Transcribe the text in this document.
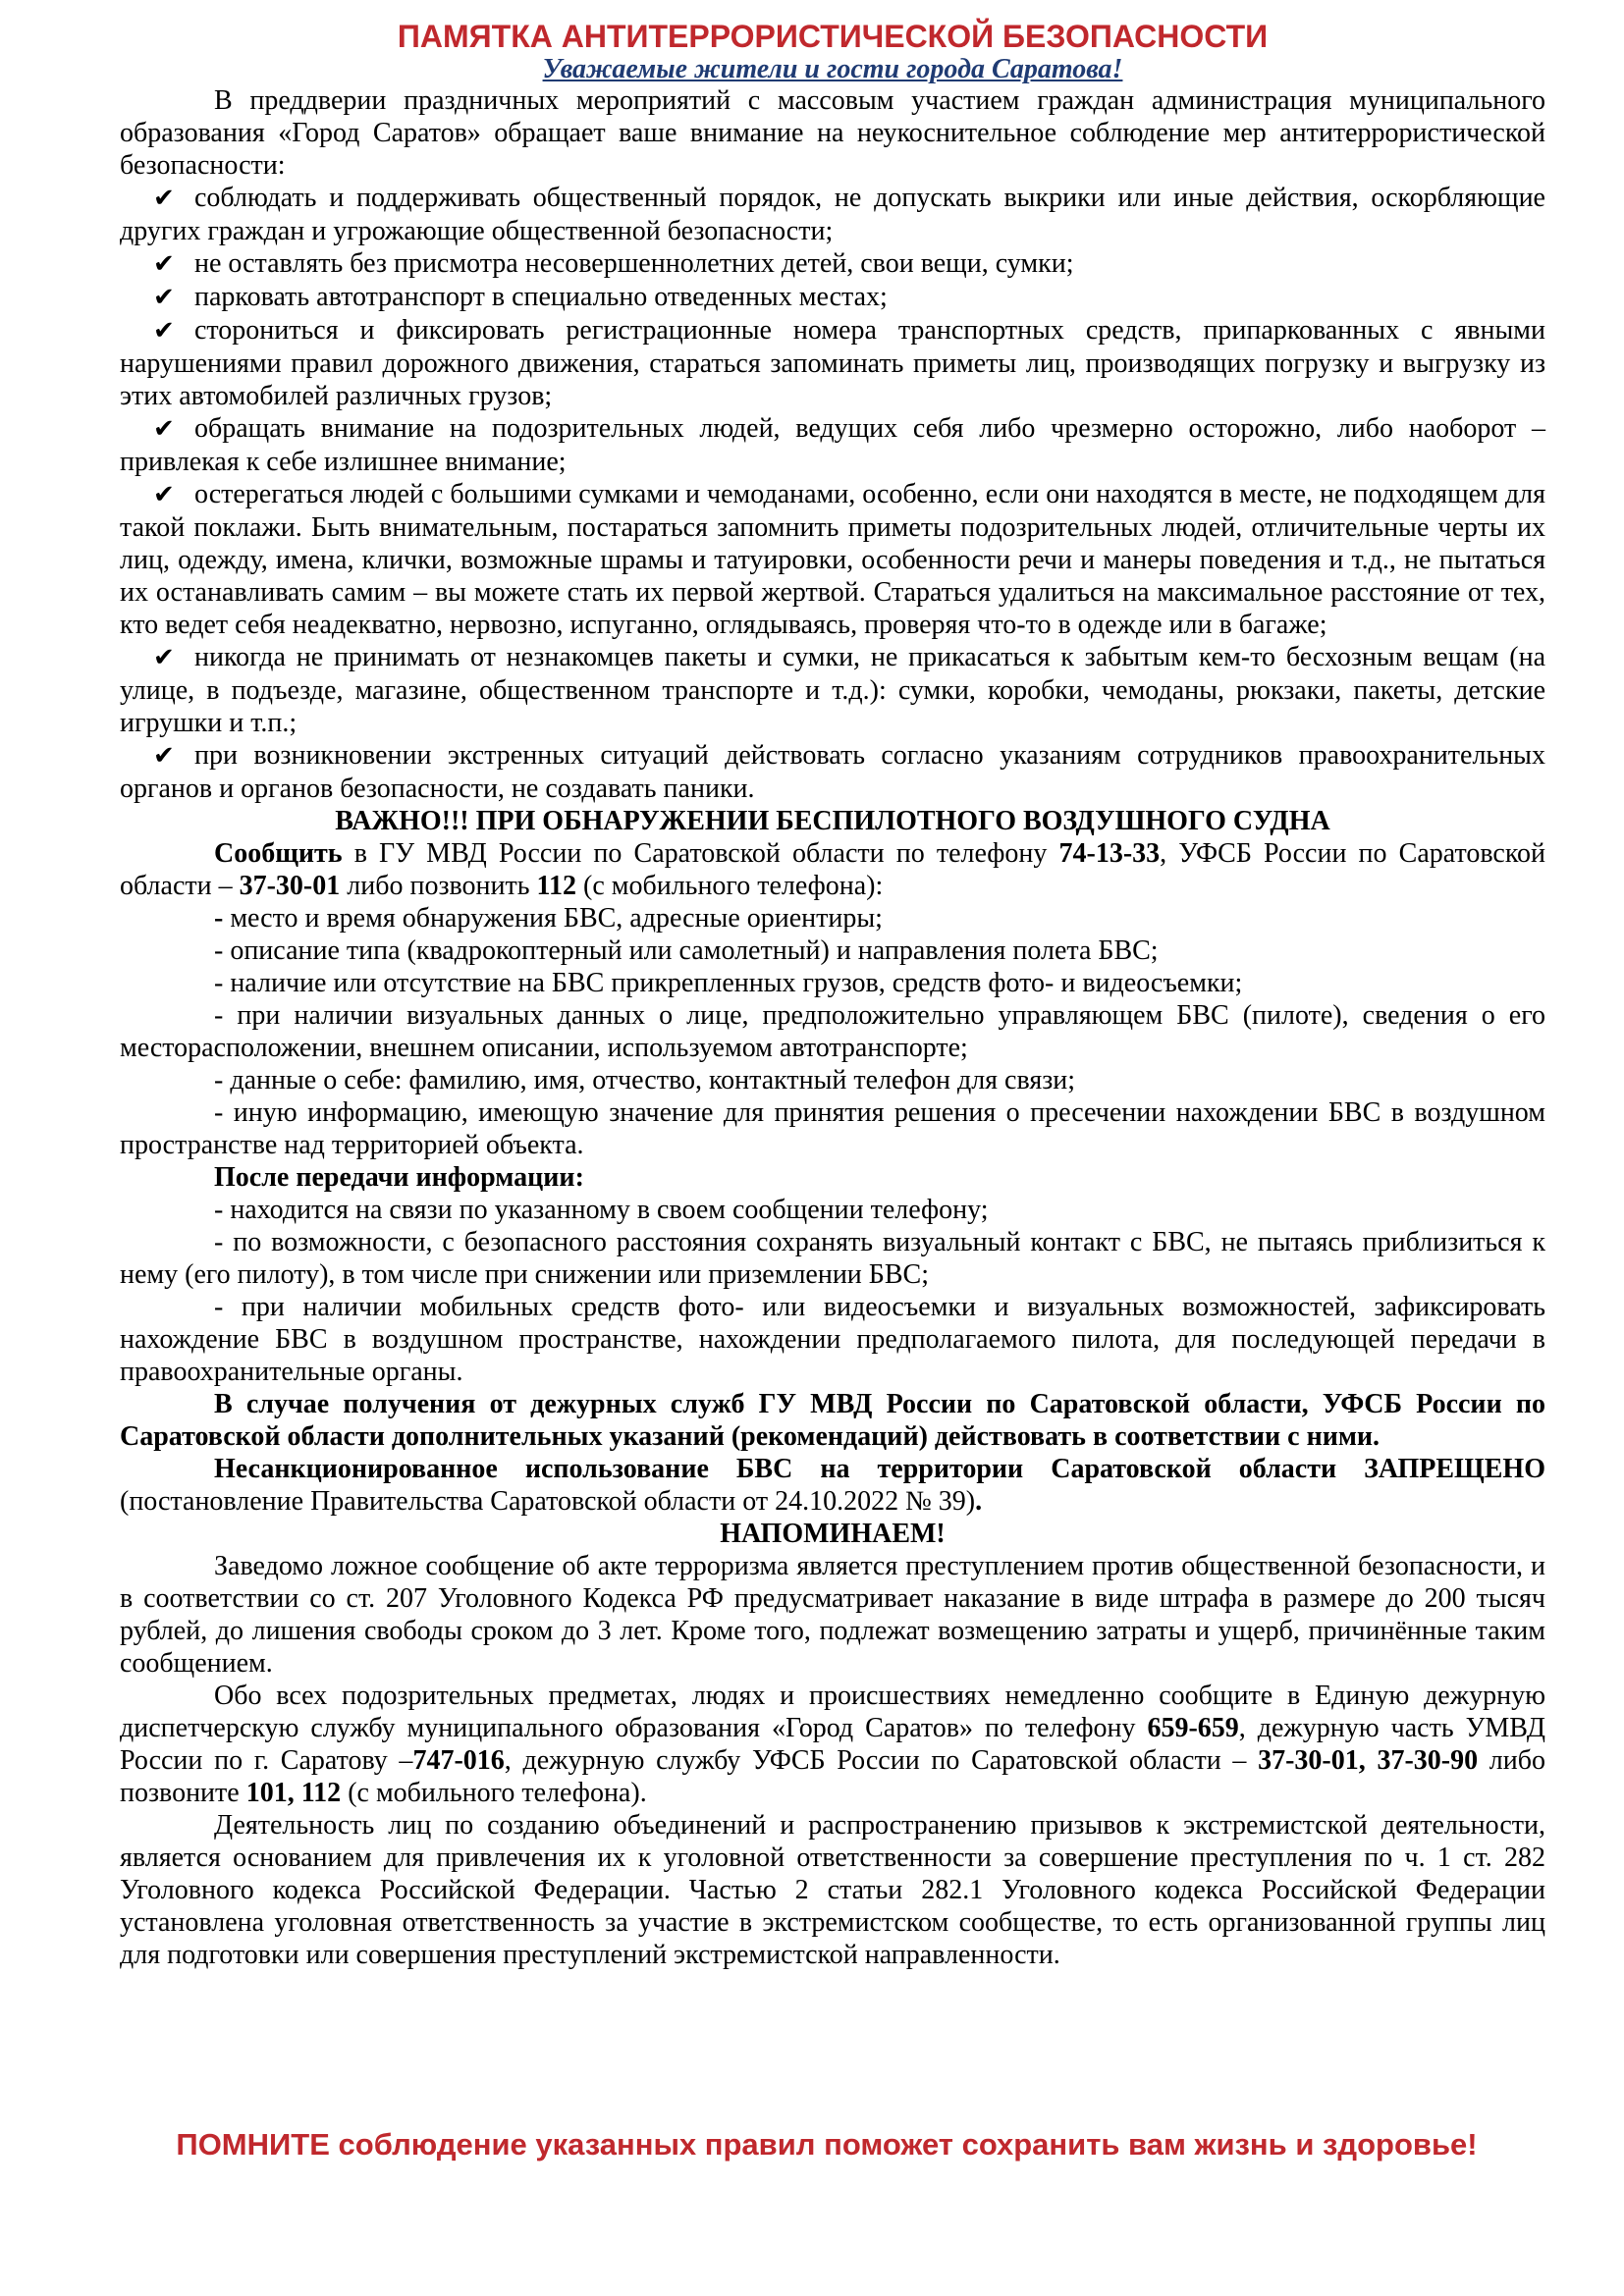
ПАМЯТКА АНТИТЕРРОРИСТИЧЕСКОЙ БЕЗОПАСНОСТИ
Уважаемые жители и гости города Саратова!

В преддверии праздничных мероприятий с массовым участием граждан администрация муниципального образования «Город Саратов» обращает ваше внимание на неукоснительное соблюдение мер антитеррористической безопасности:

✔ соблюдать и поддерживать общественный порядок, не допускать выкрики или иные действия, оскорбляющие других граждан и угрожающие общественной безопасности;

✔ не оставлять без присмотра несовершеннолетних детей, свои вещи, сумки;

✔ парковать автотранспорт в специально отведенных местах;

✔ сторониться и фиксировать регистрационные номера транспортных средств, припаркованных с явными нарушениями правил дорожного движения, стараться запоминать приметы лиц, производящих погрузку и выгрузку из этих автомобилей различных грузов;

✔ обращать внимание на подозрительных людей, ведущих себя либо чрезмерно осторожно, либо наоборот – привлекая к себе излишнее внимание;

✔ остерегаться людей с большими сумками и чемоданами, особенно, если они находятся в месте, не подходящем для такой поклажи. Быть внимательным, постараться запомнить приметы подозрительных людей, отличительные черты их лиц, одежду, имена, клички, возможные шрамы и татуировки, особенности речи и манеры поведения и т.д., не пытаться их останавливать самим – вы можете стать их первой жертвой. Стараться удалиться на максимальное расстояние от тех, кто ведет себя неадекватно, нервозно, испуганно, оглядываясь, проверяя что-то в одежде или в багаже;

✔ никогда не принимать от незнакомцев пакеты и сумки, не прикасаться к забытым кем-то бесхозным вещам (на улице, в подъезде, магазине, общественном транспорте и т.д.): сумки, коробки, чемоданы, рюкзаки, пакеты, детские игрушки и т.п.;

✔ при возникновении экстренных ситуаций действовать согласно указаниям сотрудников правоохранительных органов и органов безопасности, не создавать паники.

ВАЖНО!!! ПРИ ОБНАРУЖЕНИИ БЕСПИЛОТНОГО ВОЗДУШНОГО СУДНА

Сообщить в ГУ МВД России по Саратовской области по телефону 74-13-33, УФСБ России по Саратовской области – 37-30-01 либо позвонить 112 (с мобильного телефона):

- место и время обнаружения БВС, адресные ориентиры;

- описание типа (квадрокоптерный или самолетный) и направления полета БВС;

- наличие или отсутствие на БВС прикрепленных грузов, средств фото- и видеосъемки;

- при наличии визуальных данных о лице, предположительно управляющем БВС (пилоте), сведения о его месторасположении, внешнем описании, используемом автотранспорте;

- данные о себе: фамилию, имя, отчество, контактный телефон для связи;

- иную информацию, имеющую значение для принятия решения о пресечении нахождении БВС в воздушном пространстве над территорией объекта.

После передачи информации:

- находится на связи по указанному в своем сообщении телефону;

- по возможности, с безопасного расстояния сохранять визуальный контакт с БВС, не пытаясь приблизиться к нему (его пилоту), в том числе при снижении или приземлении БВС;

- при наличии мобильных средств фото- или видеосъемки и визуальных возможностей, зафиксировать нахождение БВС в воздушном пространстве, нахождении предполагаемого пилота, для последующей передачи в правоохранительные органы.

В случае получения от дежурных служб ГУ МВД России по Саратовской области, УФСБ России по Саратовской области дополнительных указаний (рекомендаций) действовать в соответствии с ними.

Несанкционированное использование БВС на территории Саратовской области ЗАПРЕЩЕНО (постановление Правительства Саратовской области от 24.10.2022 № 39).

НАПОМИНАЕМ!

Заведомо ложное сообщение об акте терроризма является преступлением против общественной безопасности, и в соответствии со ст. 207 Уголовного Кодекса РФ предусматривает наказание в виде штрафа в размере до 200 тысяч рублей, до лишения свободы сроком до 3 лет. Кроме того, подлежат возмещению затраты и ущерб, причинённые таким сообщением.

Обо всех подозрительных предметах, людях и происшествиях немедленно сообщите в Единую дежурную диспетчерскую службу муниципального образования «Город Саратов» по телефону 659-659, дежурную часть УМВД России по г. Саратову –747-016, дежурную службу УФСБ России по Саратовской области – 37-30-01, 37-30-90 либо позвоните 101, 112 (с мобильного телефона).

Деятельность лиц по созданию объединений и распространению призывов к экстремистской деятельности, является основанием для привлечения их к уголовной ответственности за совершение преступления по ч. 1 ст. 282 Уголовного кодекса Российской Федерации. Частью 2 статьи 282.1 Уголовного кодекса Российской Федерации установлена уголовная ответственность за участие в экстремистском сообществе, то есть организованной группы лиц для подготовки или совершения преступлений экстремистской направленности.

ПОМНИТЕ соблюдение указанных правил поможет сохранить вам жизнь и здоровье!
